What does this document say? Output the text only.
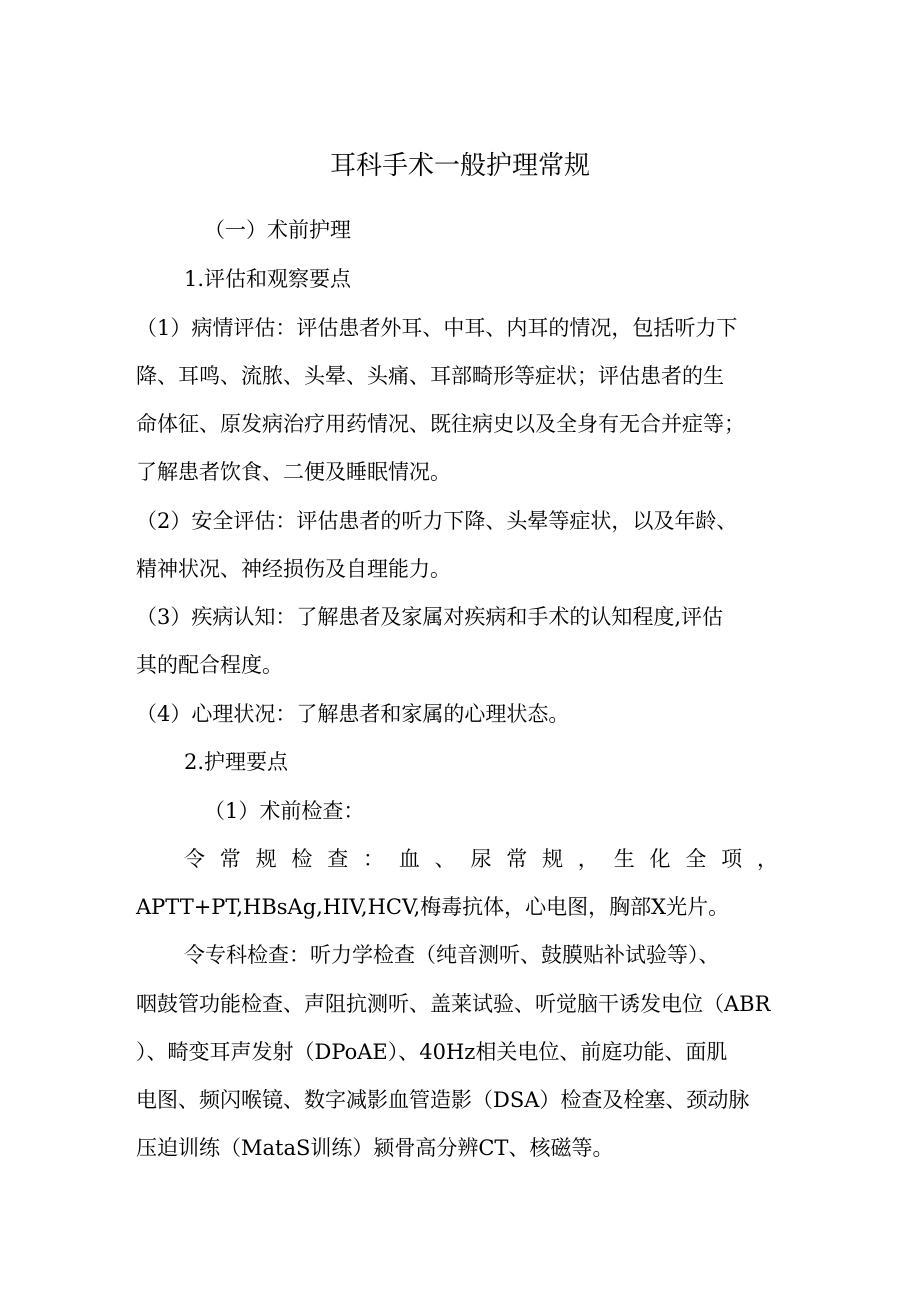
耳科手术一般护理常规
（一）术前护理
1.评估和观察要点
（1）病情评估：评估患者外耳、中耳、内耳的情况，包括听力下
降、耳鸣、流脓、头晕、头痛、耳部畸形等症状；评估患者的生
命体征、原发病治疗用药情况、既往病史以及全身有无合并症等；
了解患者饮食、二便及睡眠情况。
（2）安全评估：评估患者的听力下降、头晕等症状，以及年龄、
精神状况、神经损伤及自理能力。
（3）疾病认知：了解患者及家属对疾病和手术的认知程度,评估
其的配合程度。
（4）心理状况：了解患者和家属的心理状态。
2.护理要点
（1）术前检查：
令常规检查：血、尿常规，生化全项，
APTT+PT,HBsAg,HIV,HCV,梅毒抗体，心电图，胸部X光片。
令专科检查：听力学检查（纯音测听、鼓膜贴补试验等）、
咽鼓管功能检查、声阻抗测听、盖莱试验、听觉脑干诱发电位（ABR
）、畸变耳声发射（DPoAE）、40Hz相关电位、前庭功能、面肌
电图、频闪喉镜、数字减影血管造影（DSA）检查及栓塞、颈动脉
压迫训练（MataS训练）颍骨高分辨CT、核磁等。
